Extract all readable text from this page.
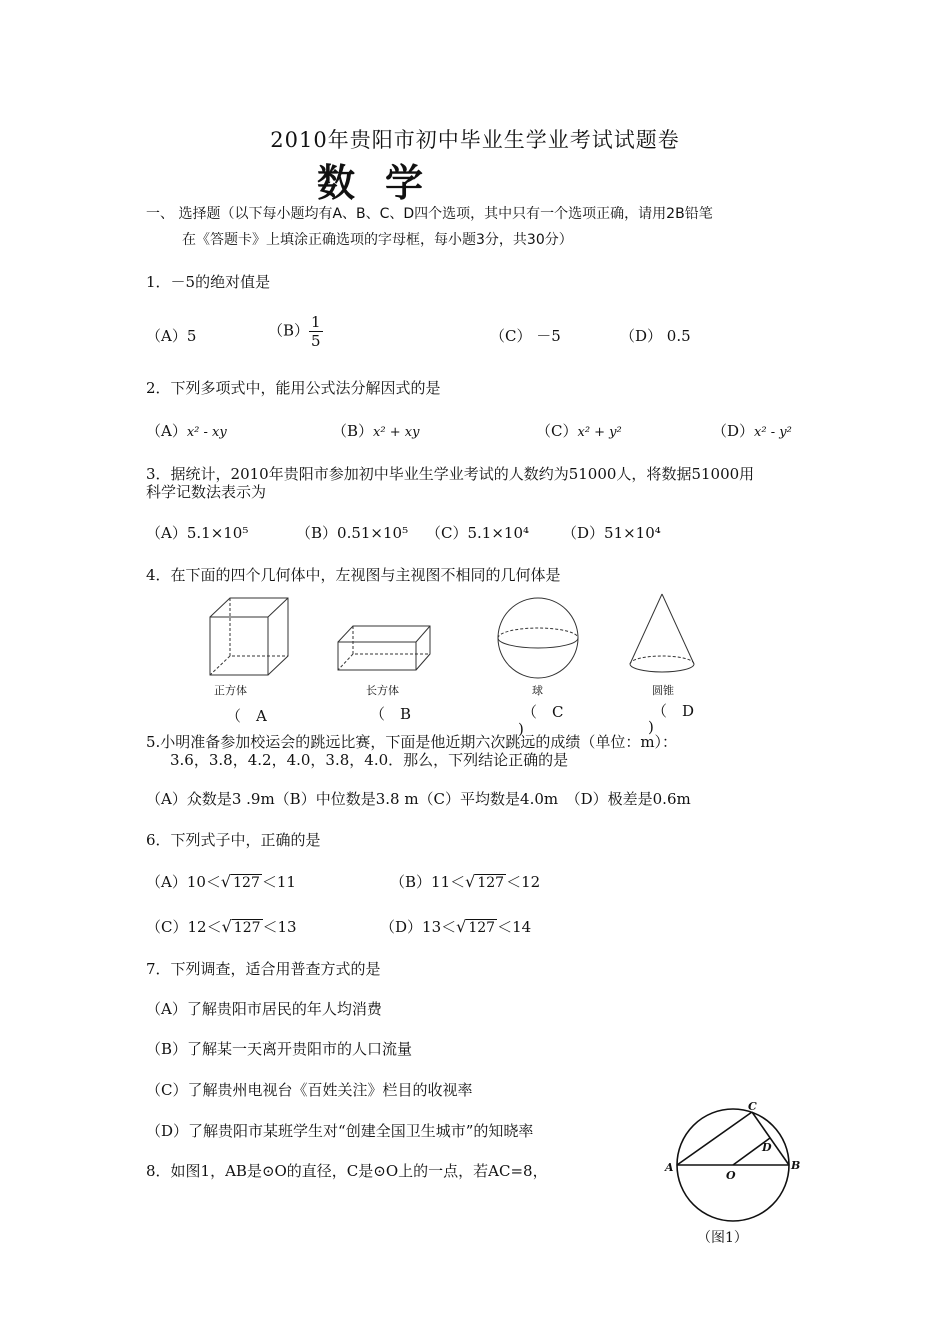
2010年贵阳市初中毕业生学业考试试题卷
数学
一、 选择题（以下每小题均有A、B、C、D四个选项，其中只有一个选项正确，请用2B铅笔
在《答题卡》上填涂正确选项的字母框，每小题3分，共30分）
1．－5的绝对值是
（A）5	$(B) \frac{1}{5}$	（C） －5	（D） 0.5
2．下列多项式中，能用公式法分解因式的是
（A）x² - xy	（B）x² + xy	（C）x² + y²	（D）x² - y²
3．据统计，2010年贵阳市参加初中毕业生学业考试的人数约为51000人，将数据51000用
科学记数法表示为
（A）5.1×10⁵	（B）0.51×10⁵ （C）5.1×10⁴ （D）51×10⁴
4．在下面的四个几何体中，左视图与主视图不相同的几何体是
正方体	长方体	球	圆锥
（　A	（　B	（　C	（　D
)	)
5.小明准备参加校运会的跳远比赛，下面是他近期六次跳远的成绩（单位：m）：
3.6，3.8，4.2，4.0，3.8，4.0．那么，下列结论正确的是
（A）众数是3 .9m（B）中位数是3.8 m（C）平均数是4.0m　（D）极差是0.6m
6．下列式子中，正确的是
（A）10＜√ 127 ＜11	（B）11＜√ 127 ＜12
（C）12＜√ 127 ＜13	（D）13＜√ 127 ＜14
7．下列调查，适合用普查方式的是
（A）了解贵阳市居民的年人均消费
（B）了解某一天离开贵阳市的人口流量
（C）了解贵州电视台《百姓关注》栏目的收视率
（D）了解贵阳市某班学生对“创建全国卫生城市”的知晓率
8．如图1，AB是⊙O的直径，C是⊙O上的一点，若AC=8，	A	B
C
D
O
（图1）
